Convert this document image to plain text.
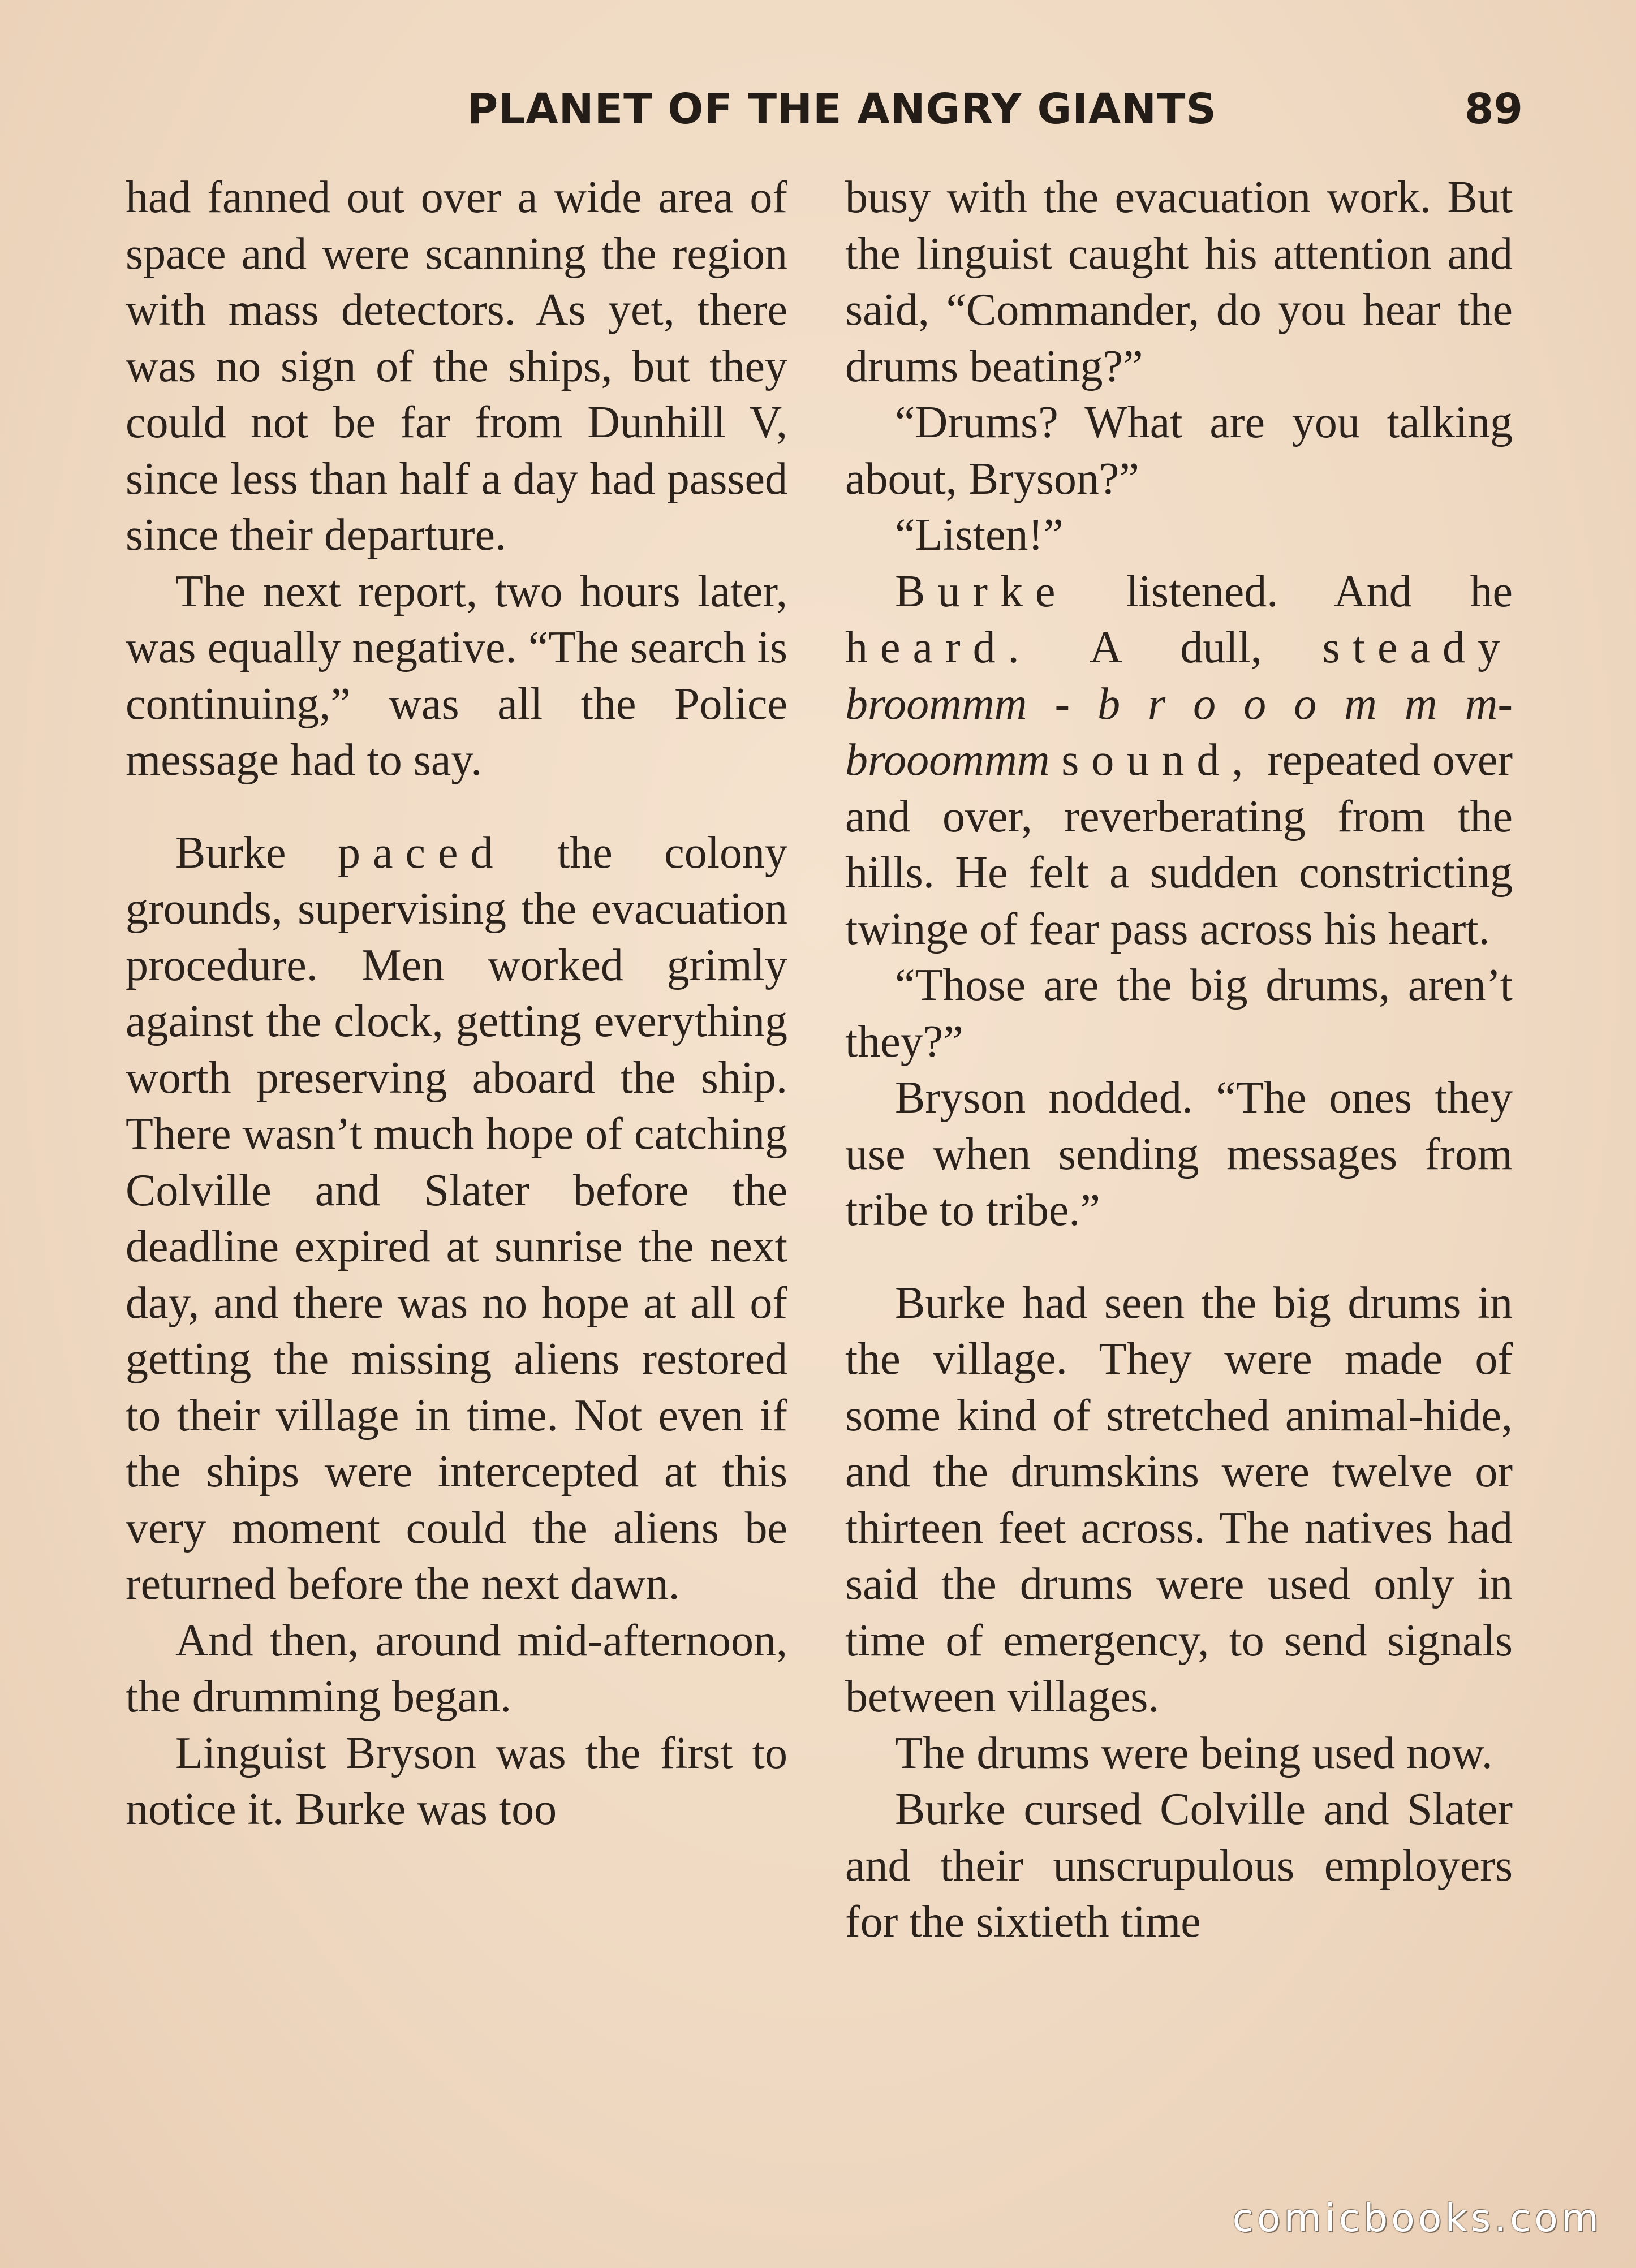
PLANET OF THE ANGRY GIANTS	89

had fanned out over a wide area of space and were scanning the region with mass detectors. As yet, there was no sign of the ships, but they could not be far from Dunhill V, since less than half a day had passed since their departure.

The next report, two hours later, was equally negative. “The search is continuing,” was all the Police message had to say.

Burke paced the colony grounds, supervising the evacuation procedure. Men worked grimly against the clock, getting everything worth preserving aboard the ship. There wasn’t much hope of catching Colville and Slater before the deadline expired at sunrise the next day, and there was no hope at all of getting the missing aliens restored to their village in time. Not even if the ships were intercepted at this very moment could the aliens be returned before the next dawn.

And then, around mid-afternoon, the drumming began.

Linguist Bryson was the first to notice it. Burke was too

busy with the evacuation work. But the linguist caught his attention and said, “Commander, do you hear the drums beating?”

“Drums? What are you talking about, Bryson?”

“Listen!”

Burke listened. And he heard. A dull, steady broommm - b r o o o m m m-brooommm sound, repeated over and over, reverberating from the hills. He felt a sudden constricting twinge of fear pass across his heart.

“Those are the big drums, aren’t they?”

Bryson nodded. “The ones they use when sending messages from tribe to tribe.”

Burke had seen the big drums in the village. They were made of some kind of stretched animal-hide, and the drumskins were twelve or thirteen feet across. The natives had said the drums were used only in time of emergency, to send signals between villages.

The drums were being used now.

Burke cursed Colville and Slater and their unscrupulous employers for the sixtieth time

comicbooks.com
